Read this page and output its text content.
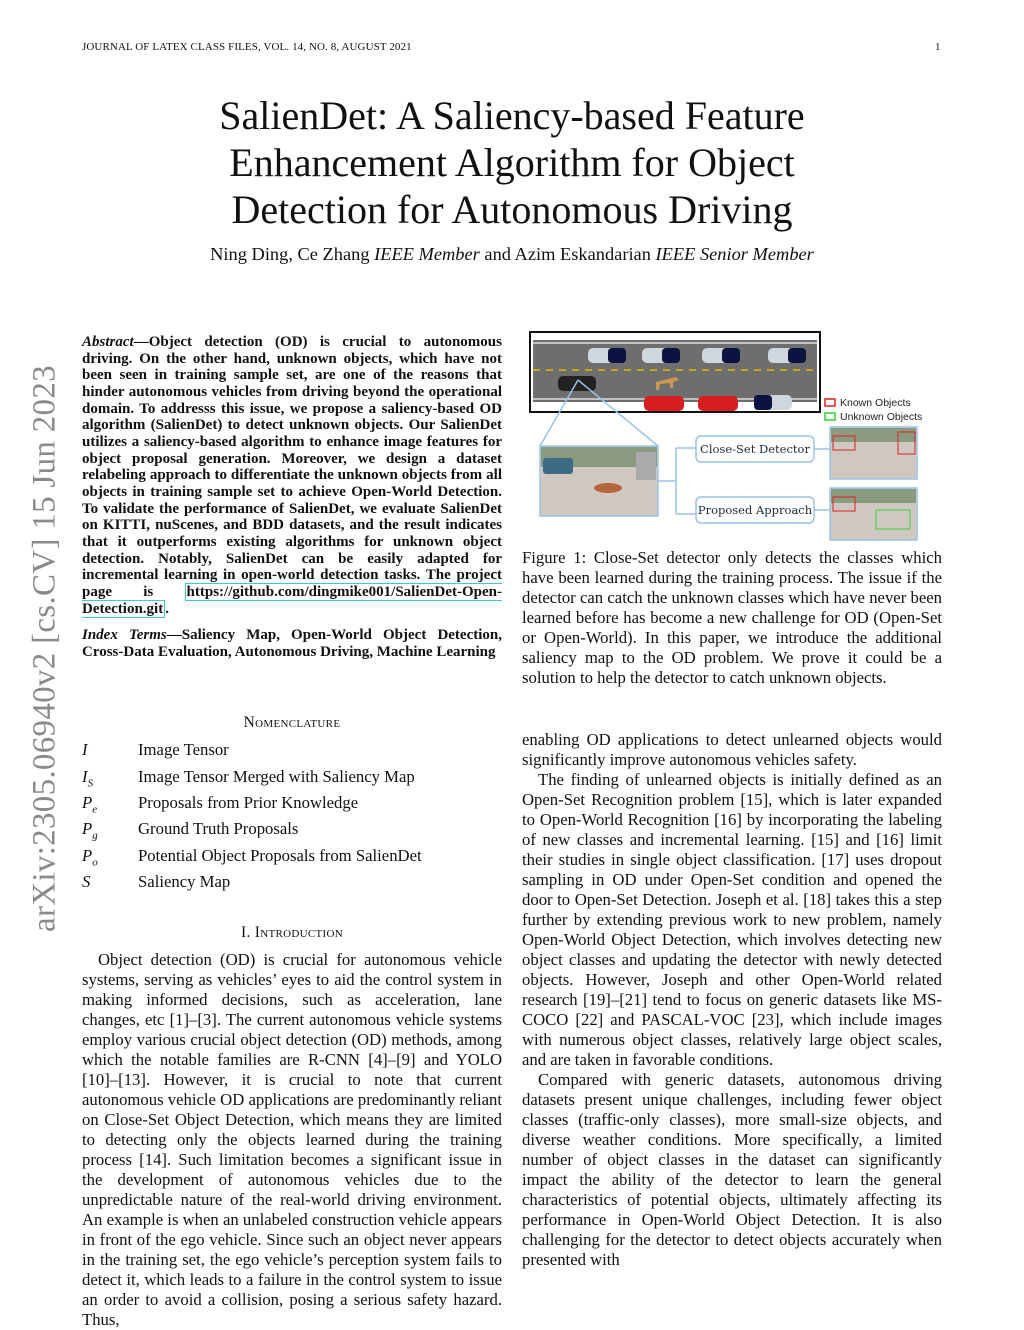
JOURNAL OF LATEX CLASS FILES, VOL. 14, NO. 8, AUGUST 2021	1
arXiv:2305.06940v2 [cs.CV] 15 Jun 2023
SalienDet: A Saliency-based Feature Enhancement Algorithm for Object Detection for Autonomous Driving
Ning Ding, Ce Zhang IEEE Member and Azim Eskandarian IEEE Senior Member
Abstract—Object detection (OD) is crucial to autonomous driving. On the other hand, unknown objects, which have not been seen in training sample set, are one of the reasons that hinder autonomous vehicles from driving beyond the operational domain. To addresss this issue, we propose a saliency-based OD algorithm (SalienDet) to detect unknown objects. Our SalienDet utilizes a saliency-based algorithm to enhance image features for object proposal generation. Moreover, we design a dataset relabeling approach to differentiate the unknown objects from all objects in training sample set to achieve Open-World Detection. To validate the performance of SalienDet, we evaluate SalienDet on KITTI, nuScenes, and BDD datasets, and the result indicates that it outperforms existing algorithms for unknown object detection. Notably, SalienDet can be easily adapted for incremental learning in open-world detection tasks. The project page is https://github.com/dingmike001/SalienDet-Open-Detection.git .
Index Terms—Saliency Map, Open-World Object Detection, Cross-Data Evaluation, Autonomous Driving, Machine Learning
Nomenclature
I	Image Tensor
$I_S$	Image Tensor Merged with Saliency Map
$P_e$	Proposals from Prior Knowledge
$P_g$	Ground Truth Proposals
$P_o$	Potential Object Proposals from SalienDet
S	Saliency Map
I. Introduction

Object detection (OD) is crucial for autonomous vehicle systems, serving as vehicles’ eyes to aid the control system in making informed decisions, such as acceleration, lane changes, etc [1]–[3]. The current autonomous vehicle systems employ various crucial object detection (OD) methods, among which the notable families are R-CNN [4]–[9] and YOLO [10]–[13]. However, it is crucial to note that current autonomous vehicle OD applications are predominantly reliant on Close-Set Object Detection, which means they are limited to detecting only the objects learned during the training process [14]. Such limitation becomes a significant issue in the development of autonomous vehicles due to the unpredictable nature of the real-world driving environment. An example is when an unlabeled construction vehicle appears in front of the ego vehicle. Since such an object never appears in the training set, the ego vehicle’s perception system fails to detect it, which leads to a failure in the control system to issue an order to avoid a collision, posing a serious safety hazard. Thus,

Known Objects
Unknown Objects
Close-Set Detector
Proposed Approach
Figure 1: Close-Set detector only detects the classes which have been learned during the training process. The issue if the detector can catch the unknown classes which have never been learned before has become a new challenge for OD (Open-Set or Open-World). In this paper, we introduce the additional saliency map to the OD problem. We prove it could be a solution to help the detector to catch unknown objects.

enabling OD applications to detect unlearned objects would significantly improve autonomous vehicles safety.

The finding of unlearned objects is initially defined as an Open-Set Recognition problem [15], which is later expanded to Open-World Recognition [16] by incorporating the labeling of new classes and incremental learning. [15] and [16] limit their studies in single object classification. [17] uses dropout sampling in OD under Open-Set condition and opened the door to Open-Set Detection. Joseph et al. [18] takes this a step further by extending previous work to new problem, namely Open-World Object Detection, which involves detecting new object classes and updating the detector with newly detected objects. However, Joseph and other Open-World related research [19]–[21] tend to focus on generic datasets like MS-COCO [22] and PASCAL-VOC [23], which include images with numerous object classes, relatively large object scales, and are taken in favorable conditions.

Compared with generic datasets, autonomous driving datasets present unique challenges, including fewer object classes (traffic-only classes), more small-size objects, and diverse weather conditions. More specifically, a limited number of object classes in the dataset can significantly impact the ability of the detector to learn the general characteristics of potential objects, ultimately affecting its performance in Open-World Object Detection. It is also challenging for the detector to detect objects accurately when presented with
